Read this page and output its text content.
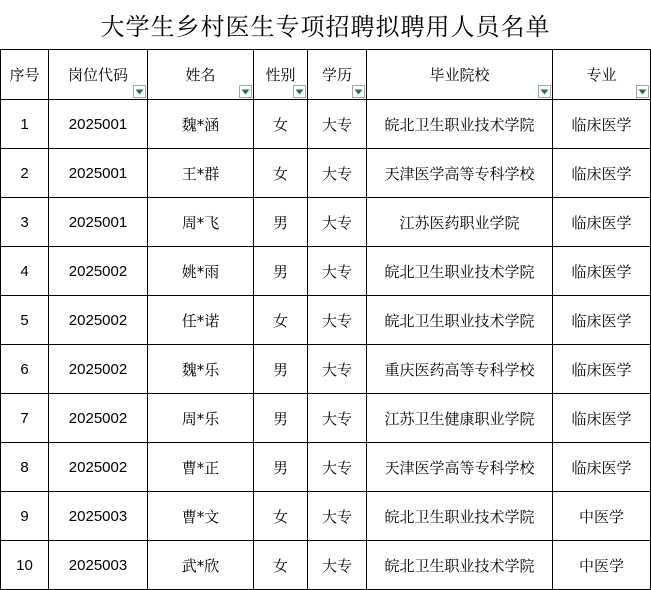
大学生乡村医生专项招聘拟聘用人员名单
序号	岗位代码	姓名	性别	学历	毕业院校	专业

1	2025001	魏*涵	女	大专	皖北卫生职业技术学院	临床医学
2	2025001	王*群	女	大专	天津医学高等专科学校	临床医学
3	2025001	周*飞	男	大专	江苏医药职业学院	临床医学
4	2025002	姚*雨	男	大专	皖北卫生职业技术学院	临床医学
5	2025002	任*诺	女	大专	皖北卫生职业技术学院	临床医学
6	2025002	魏*乐	男	大专	重庆医药高等专科学校	临床医学
7	2025002	周*乐	男	大专	江苏卫生健康职业学院	临床医学
8	2025002	曹*正	男	大专	天津医学高等专科学校	临床医学
9	2025003	曹*文	女	大专	皖北卫生职业技术学院	中医学
10	2025003	武*欣	女	大专	皖北卫生职业技术学院	中医学
